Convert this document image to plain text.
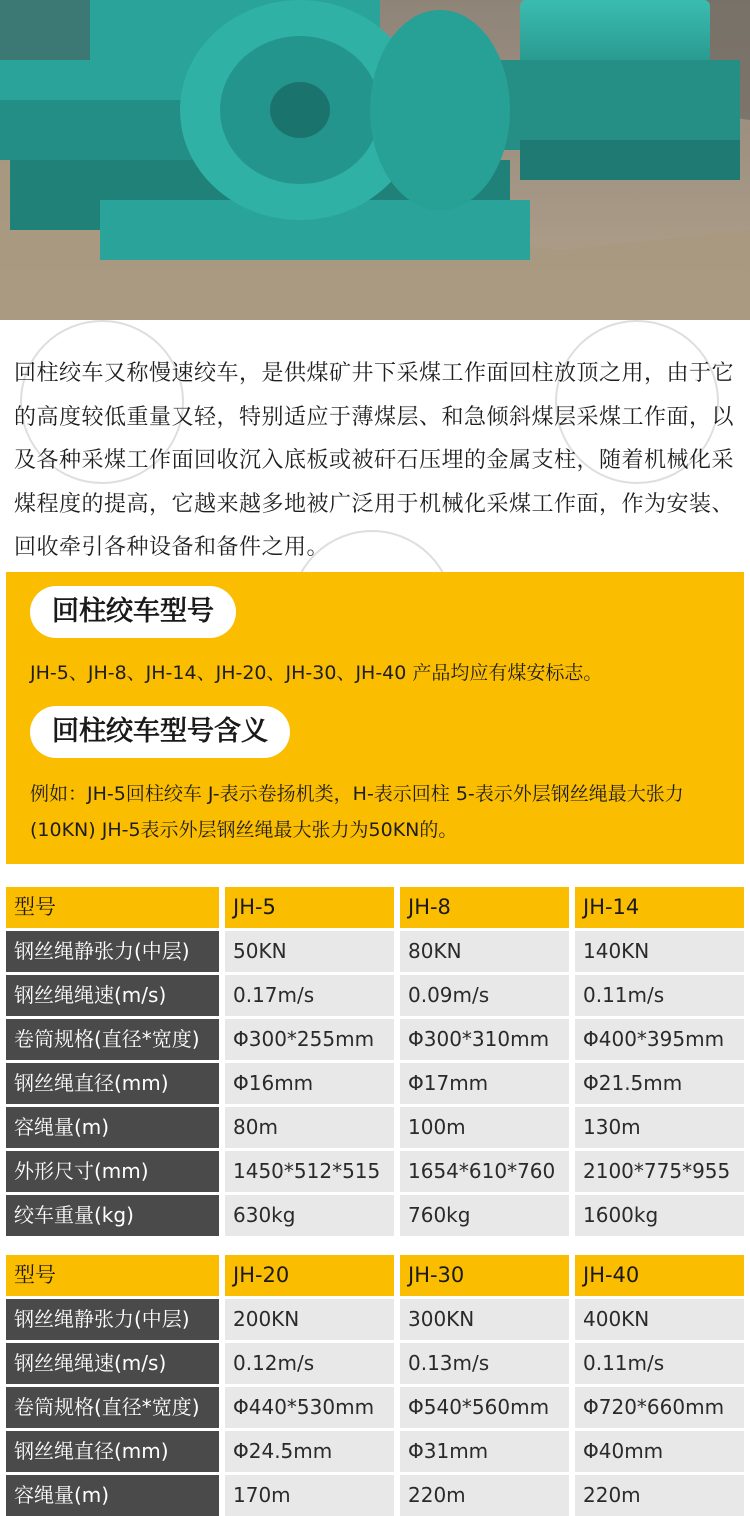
回柱绞车又称慢速绞车，是供煤矿井下采煤工作面回柱放顶之用，由于它的高度较低重量又轻，特别适应于薄煤层、和急倾斜煤层采煤工作面，以及各种采煤工作面回收沉入底板或被矸石压埋的金属支柱，随着机械化采煤程度的提高，它越来越多地被广泛用于机械化采煤工作面，作为安装、回收牵引各种设备和备件之用。
回柱绞车型号
JH-5、JH-8、JH-14、JH-20、JH-30、JH-40 产品均应有煤安标志。
回柱绞车型号含义
例如：JH-5回柱绞车 J-表示卷扬机类，H-表示回柱 5-表示外层钢丝绳最大张力(10KN) JH-5表示外层钢丝绳最大张力为50KN的。
型号	JH-5	JH-8	JH-14
钢丝绳静张力(中层)	50KN	80KN	140KN
钢丝绳绳速(m/s)	0.17m/s	0.09m/s	0.11m/s
卷筒规格(直径*宽度)	Φ300*255mm	Φ300*310mm	Φ400*395mm
钢丝绳直径(mm)	Φ16mm	Φ17mm	Φ21.5mm
容绳量(m)	80m	100m	130m
外形尺寸(mm)	1450*512*515	1654*610*760	2100*775*955
绞车重量(kg)	630kg	760kg	1600kg
型号	JH-20	JH-30	JH-40
钢丝绳静张力(中层)	200KN	300KN	400KN
钢丝绳绳速(m/s)	0.12m/s	0.13m/s	0.11m/s
卷筒规格(直径*宽度)	Φ440*530mm	Φ540*560mm	Φ720*660mm
钢丝绳直径(mm)	Φ24.5mm	Φ31mm	Φ40mm
容绳量(m)	170m	220m	220m
